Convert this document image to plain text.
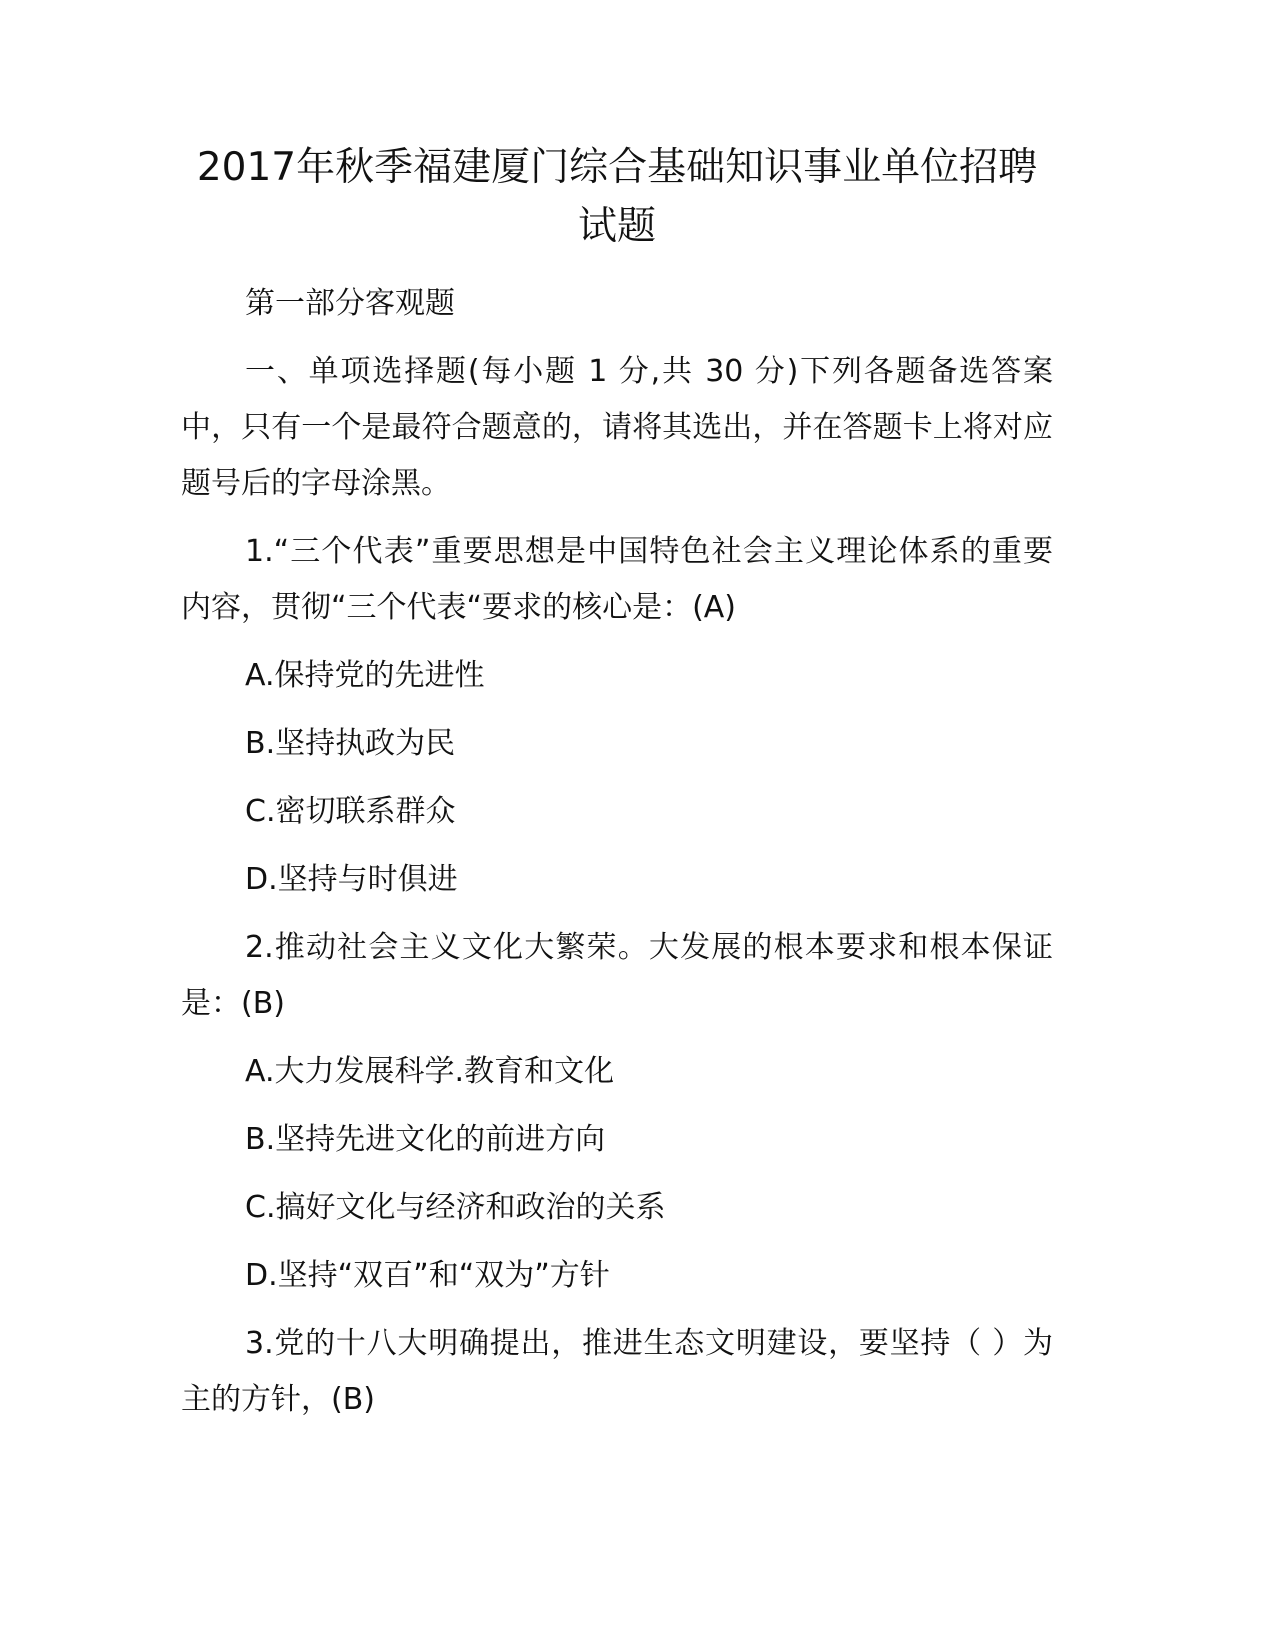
2017年秋季福建厦门综合基础知识事业单位招聘试题

第一部分客观题

一、单项选择题(每小题 1 分,共 30 分)下列各题备选答案中，只有一个是最符合题意的，请将其选出，并在答题卡上将对应题号后的字母涂黑。

1.“三个代表”重要思想是中国特色社会主义理论体系的重要内容，贯彻“三个代表“要求的核心是：(A)

A.保持党的先进性

B.坚持执政为民

C.密切联系群众

D.坚持与时俱进

2.推动社会主义文化大繁荣。大发展的根本要求和根本保证是：(B)

A.大力发展科学.教育和文化

B.坚持先进文化的前进方向

C.搞好文化与经济和政治的关系

D.坚持“双百”和“双为”方针

3.党的十八大明确提出，推进生态文明建设，要坚持（ ）为主的方针，(B)
